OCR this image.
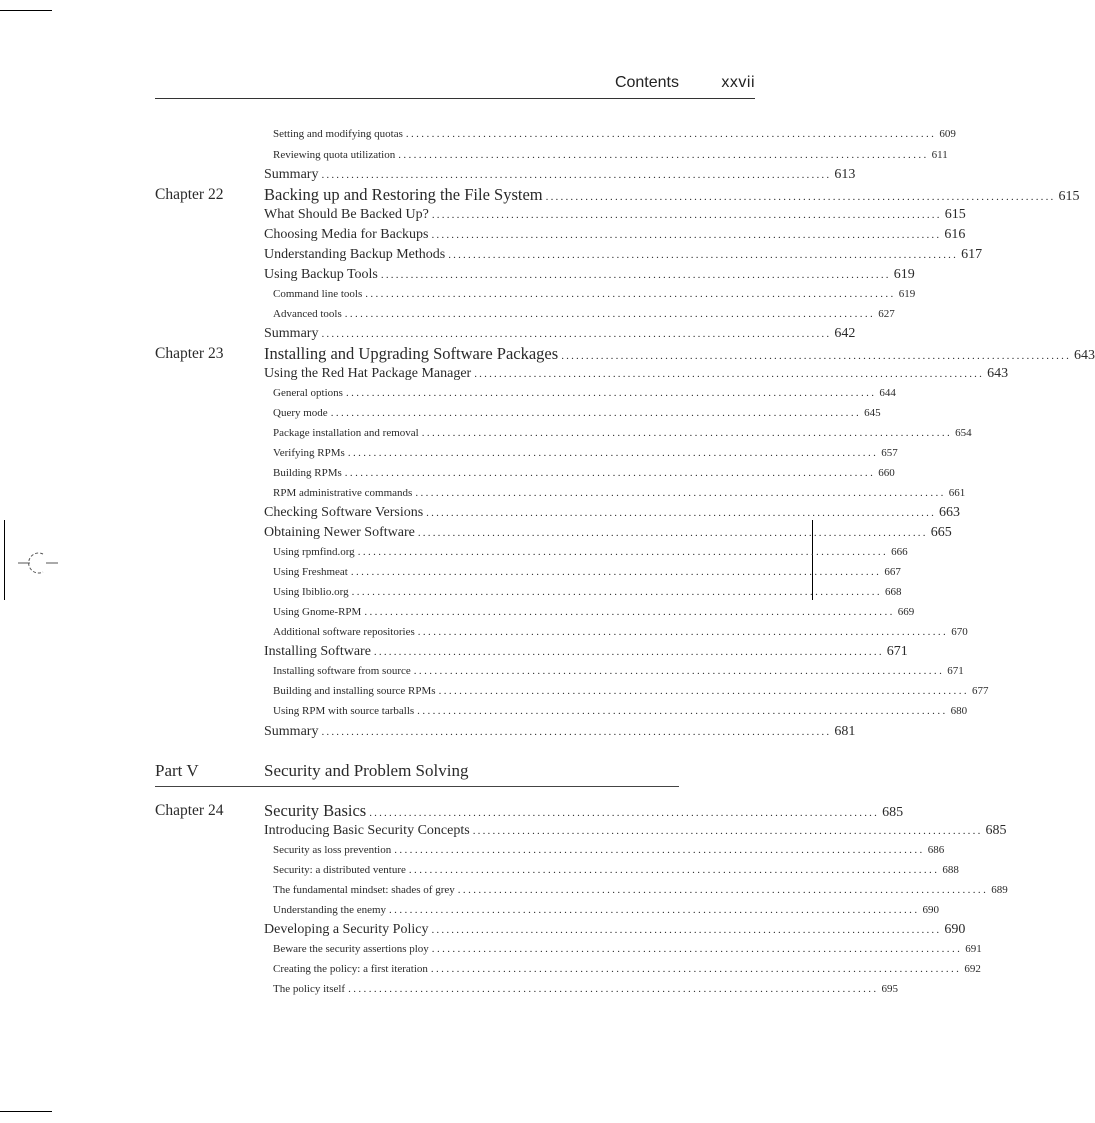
Contents	xxvii
Chapter 22
Chapter 23
Chapter 24
Part V	Security and Problem Solving
Setting and modifying quotas ....................................................................................................... 609
Reviewing quota utilization ....................................................................................................... 611
Summary ....................................................................................................... 613
Backing up and Restoring the File System ....................................................................................................... 615
What Should Be Backed Up? ....................................................................................................... 615
Choosing Media for Backups ....................................................................................................... 616
Understanding Backup Methods ....................................................................................................... 617
Using Backup Tools ....................................................................................................... 619
Command line tools ....................................................................................................... 619
Advanced tools ....................................................................................................... 627
Summary ....................................................................................................... 642
Installing and Upgrading Software Packages ....................................................................................................... 643
Using the Red Hat Package Manager ....................................................................................................... 643
General options ....................................................................................................... 644
Query mode ....................................................................................................... 645
Package installation and removal ....................................................................................................... 654
Verifying RPMs ....................................................................................................... 657
Building RPMs ....................................................................................................... 660
RPM administrative commands ....................................................................................................... 661
Checking Software Versions ....................................................................................................... 663
Obtaining Newer Software ....................................................................................................... 665
Using rpmfind.org ....................................................................................................... 666
Using Freshmeat ....................................................................................................... 667
Using Ibiblio.org ....................................................................................................... 668
Using Gnome-RPM ....................................................................................................... 669
Additional software repositories ....................................................................................................... 670
Installing Software ....................................................................................................... 671
Installing software from source ....................................................................................................... 671
Building and installing source RPMs ....................................................................................................... 677
Using RPM with source tarballs ....................................................................................................... 680
Summary ....................................................................................................... 681
Security Basics ....................................................................................................... 685
Introducing Basic Security Concepts ....................................................................................................... 685
Security as loss prevention ....................................................................................................... 686
Security: a distributed venture ....................................................................................................... 688
The fundamental mindset: shades of grey ....................................................................................................... 689
Understanding the enemy ....................................................................................................... 690
Developing a Security Policy ....................................................................................................... 690
Beware the security assertions ploy ....................................................................................................... 691
Creating the policy: a first iteration ....................................................................................................... 692
The policy itself ....................................................................................................... 695
